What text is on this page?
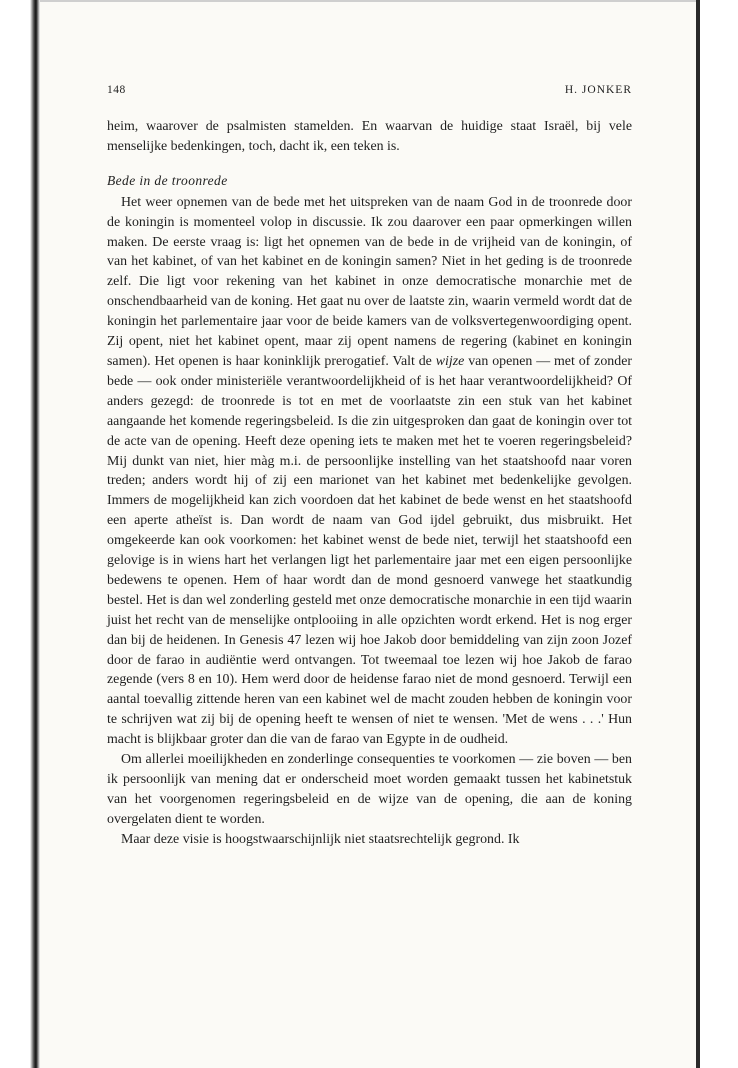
148	H. JONKER

heim, waarover de psalmisten stamelden. En waarvan de huidige staat Israël, bij vele menselijke bedenkingen, toch, dacht ik, een teken is.

Bede in de troonrede

Het weer opnemen van de bede met het uitspreken van de naam God in de troonrede door de koningin is momenteel volop in discussie. Ik zou daarover een paar opmerkingen willen maken. De eerste vraag is: ligt het opnemen van de bede in de vrijheid van de koningin, of van het kabinet, of van het kabinet en de koningin samen? Niet in het geding is de troonrede zelf. Die ligt voor rekening van het kabinet in onze democratische monarchie met de onschendbaarheid van de koning. Het gaat nu over de laatste zin, waarin vermeld wordt dat de koningin het parlementaire jaar voor de beide kamers van de volksvertegenwoordiging opent. Zij opent, niet het kabinet opent, maar zij opent namens de regering (kabinet en koningin samen). Het openen is haar koninklijk prerogatief. Valt de wijze van openen — met of zonder bede — ook onder ministeriële verantwoordelijkheid of is het haar verantwoordelijkheid? Of anders gezegd: de troonrede is tot en met de voorlaatste zin een stuk van het kabinet aangaande het komende regeringsbeleid. Is die zin uitgesproken dan gaat de koningin over tot de acte van de opening. Heeft deze opening iets te maken met het te voeren regeringsbeleid? Mij dunkt van niet, hier màg m.i. de persoonlijke instelling van het staatshoofd naar voren treden; anders wordt hij of zij een marionet van het kabinet met bedenkelijke gevolgen. Immers de mogelijkheid kan zich voordoen dat het kabinet de bede wenst en het staatshoofd een aperte atheïst is. Dan wordt de naam van God ijdel gebruikt, dus misbruikt. Het omgekeerde kan ook voorkomen: het kabinet wenst de bede niet, terwijl het staatshoofd een gelovige is in wiens hart het verlangen ligt het parlementaire jaar met een eigen persoonlijke bedewens te openen. Hem of haar wordt dan de mond gesnoerd vanwege het staatkundig bestel. Het is dan wel zonderling gesteld met onze democratische monarchie in een tijd waarin juist het recht van de menselijke ontplooiing in alle opzichten wordt erkend. Het is nog erger dan bij de heidenen. In Genesis 47 lezen wij hoe Jakob door bemiddeling van zijn zoon Jozef door de farao in audiëntie werd ontvangen. Tot tweemaal toe lezen wij hoe Jakob de farao zegende (vers 8 en 10). Hem werd door de heidense farao niet de mond gesnoerd. Terwijl een aantal toevallig zittende heren van een kabinet wel de macht zouden hebben de koningin voor te schrijven wat zij bij de opening heeft te wensen of niet te wensen. 'Met de wens . . .' Hun macht is blijkbaar groter dan die van de farao van Egypte in de oudheid.

Om allerlei moeilijkheden en zonderlinge consequenties te voorkomen — zie boven — ben ik persoonlijk van mening dat er onderscheid moet worden gemaakt tussen het kabinetstuk van het voorgenomen regeringsbeleid en de wijze van de opening, die aan de koning overgelaten dient te worden.

Maar deze visie is hoogstwaarschijnlijk niet staatsrechtelijk gegrond. Ik
